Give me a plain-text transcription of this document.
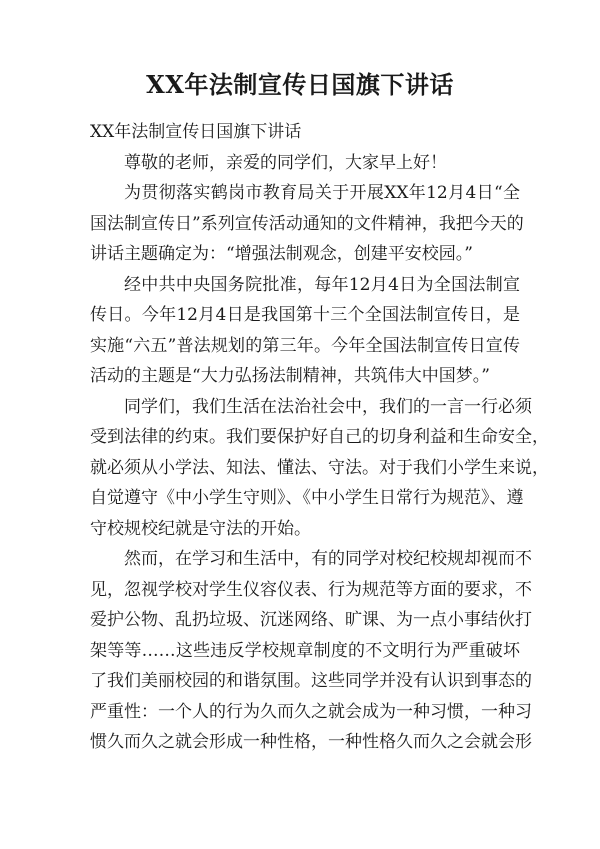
XX年法制宣传日国旗下讲话
XX年法制宣传日国旗下讲话
尊敬的老师，亲爱的同学们，大家早上好！
为贯彻落实鹤岗市教育局关于开展XX年12月4日“全
国法制宣传日”系列宣传活动通知的文件精神，我把今天的
讲话主题确定为：“增强法制观念，创建平安校园。”
经中共中央国务院批准，每年12月4日为全国法制宣
传日。今年12月4日是我国第十三个全国法制宣传日，是
实施“六五”普法规划的第三年。今年全国法制宣传日宣传
活动的主题是“大力弘扬法制精神，共筑伟大中国梦。”
同学们，我们生活在法治社会中，我们的一言一行必须
受到法律的约束。我们要保护好自己的切身利益和生命安全，
就必须从小学法、知法、懂法、守法。对于我们小学生来说，
自觉遵守《中小学生守则》、《中小学生日常行为规范》、遵
守校规校纪就是守法的开始。
然而，在学习和生活中，有的同学对校纪校规却视而不
见，忽视学校对学生仪容仪表、行为规范等方面的要求，不
爱护公物、乱扔垃圾、沉迷网络、旷课、为一点小事结伙打
架等等……这些违反学校规章制度的不文明行为严重破坏
了我们美丽校园的和谐氛围。这些同学并没有认识到事态的
严重性：一个人的行为久而久之就会成为一种习惯，一种习
惯久而久之就会形成一种性格，一种性格久而久之会就会形
